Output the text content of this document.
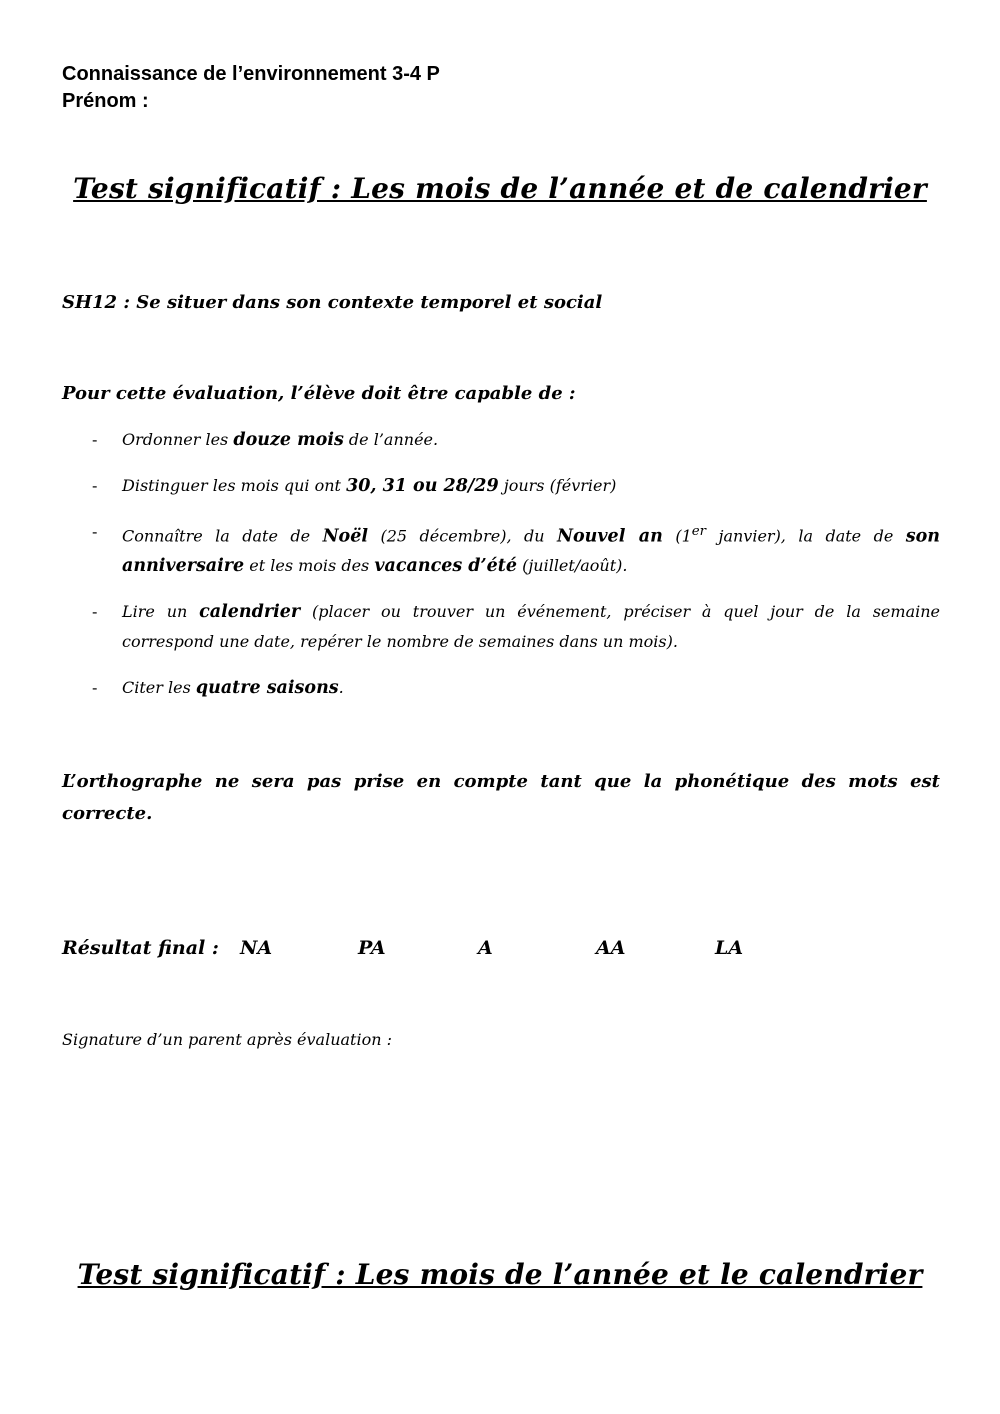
Connaissance de l’environnement 3-4 P
Prénom :
Test significatif : Les mois de l’année et de calendrier
SH12 : Se situer dans son contexte temporel et social
Pour cette évaluation, l’élève doit être capable de :
- Ordonner les douze mois de l’année.
- Distinguer les mois qui ont 30, 31 ou 28/29 jours (février)
- Connaître la date de Noël (25 décembre), du Nouvel an (1er janvier), la date de son anniversaire et les mois des vacances d’été (juillet/août).
- Lire un calendrier (placer ou trouver un événement, préciser à quel jour de la semaine correspond une date, repérer le nombre de semaines dans un mois).
- Citer les quatre saisons.
L’orthographe ne sera pas prise en compte tant que la phonétique des mots est correcte.
Résultat final : NA	PA	A	AA	LA
Signature d’un parent après évaluation :
Test significatif : Les mois de l’année et le calendrier
